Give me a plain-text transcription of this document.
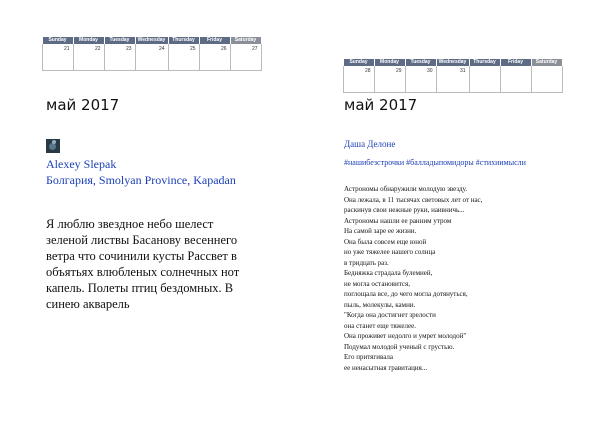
Sunday	Monday	Tuesday	Wednesday	Thursday	Friday	Saturday
21	22	23	24	25	26	27
Sunday	Monday	Tuesday	Wednesday	Thursday	Friday	Saturday
28	29	30	31			
май 2017
Alexey Slepak
Болгария, Smolyan Province, Kapadan
Я люблю звездное небо шелест зеленой листвы Басанову весеннего ветра что сочинили кусты Рассвет в объятьях влюбленых солнечных нот капель. Полеты птиц бездомных. В синею акварель
май 2017
Даша Делоне
#нашибезстрочки #балладыпомидоры #стихиимысли
Астрономы обнаружили молодую звезду.
Она лежала, в 11 тысячах световых лет от нас,
раскинув свои нежные руки, наивничь...
Астрономы нашли ее ранним утром
На самой заре ее жизни.
Она была совсем еще юной
но уже тяжелее нашего солнца
в тридцать раз.
Бедняжка страдала булемией,
не могла остановится,
поглощала все, до чего могла дотянуться,
пыль, молекулы, камни.
"Когда она достигнет зрелости
она станет еще тяжелее.
Она проживет недолго и умрет молодой"
Подумал молодой ученый с грустью.
Его притягивала
ее ненасытная гравитация...
